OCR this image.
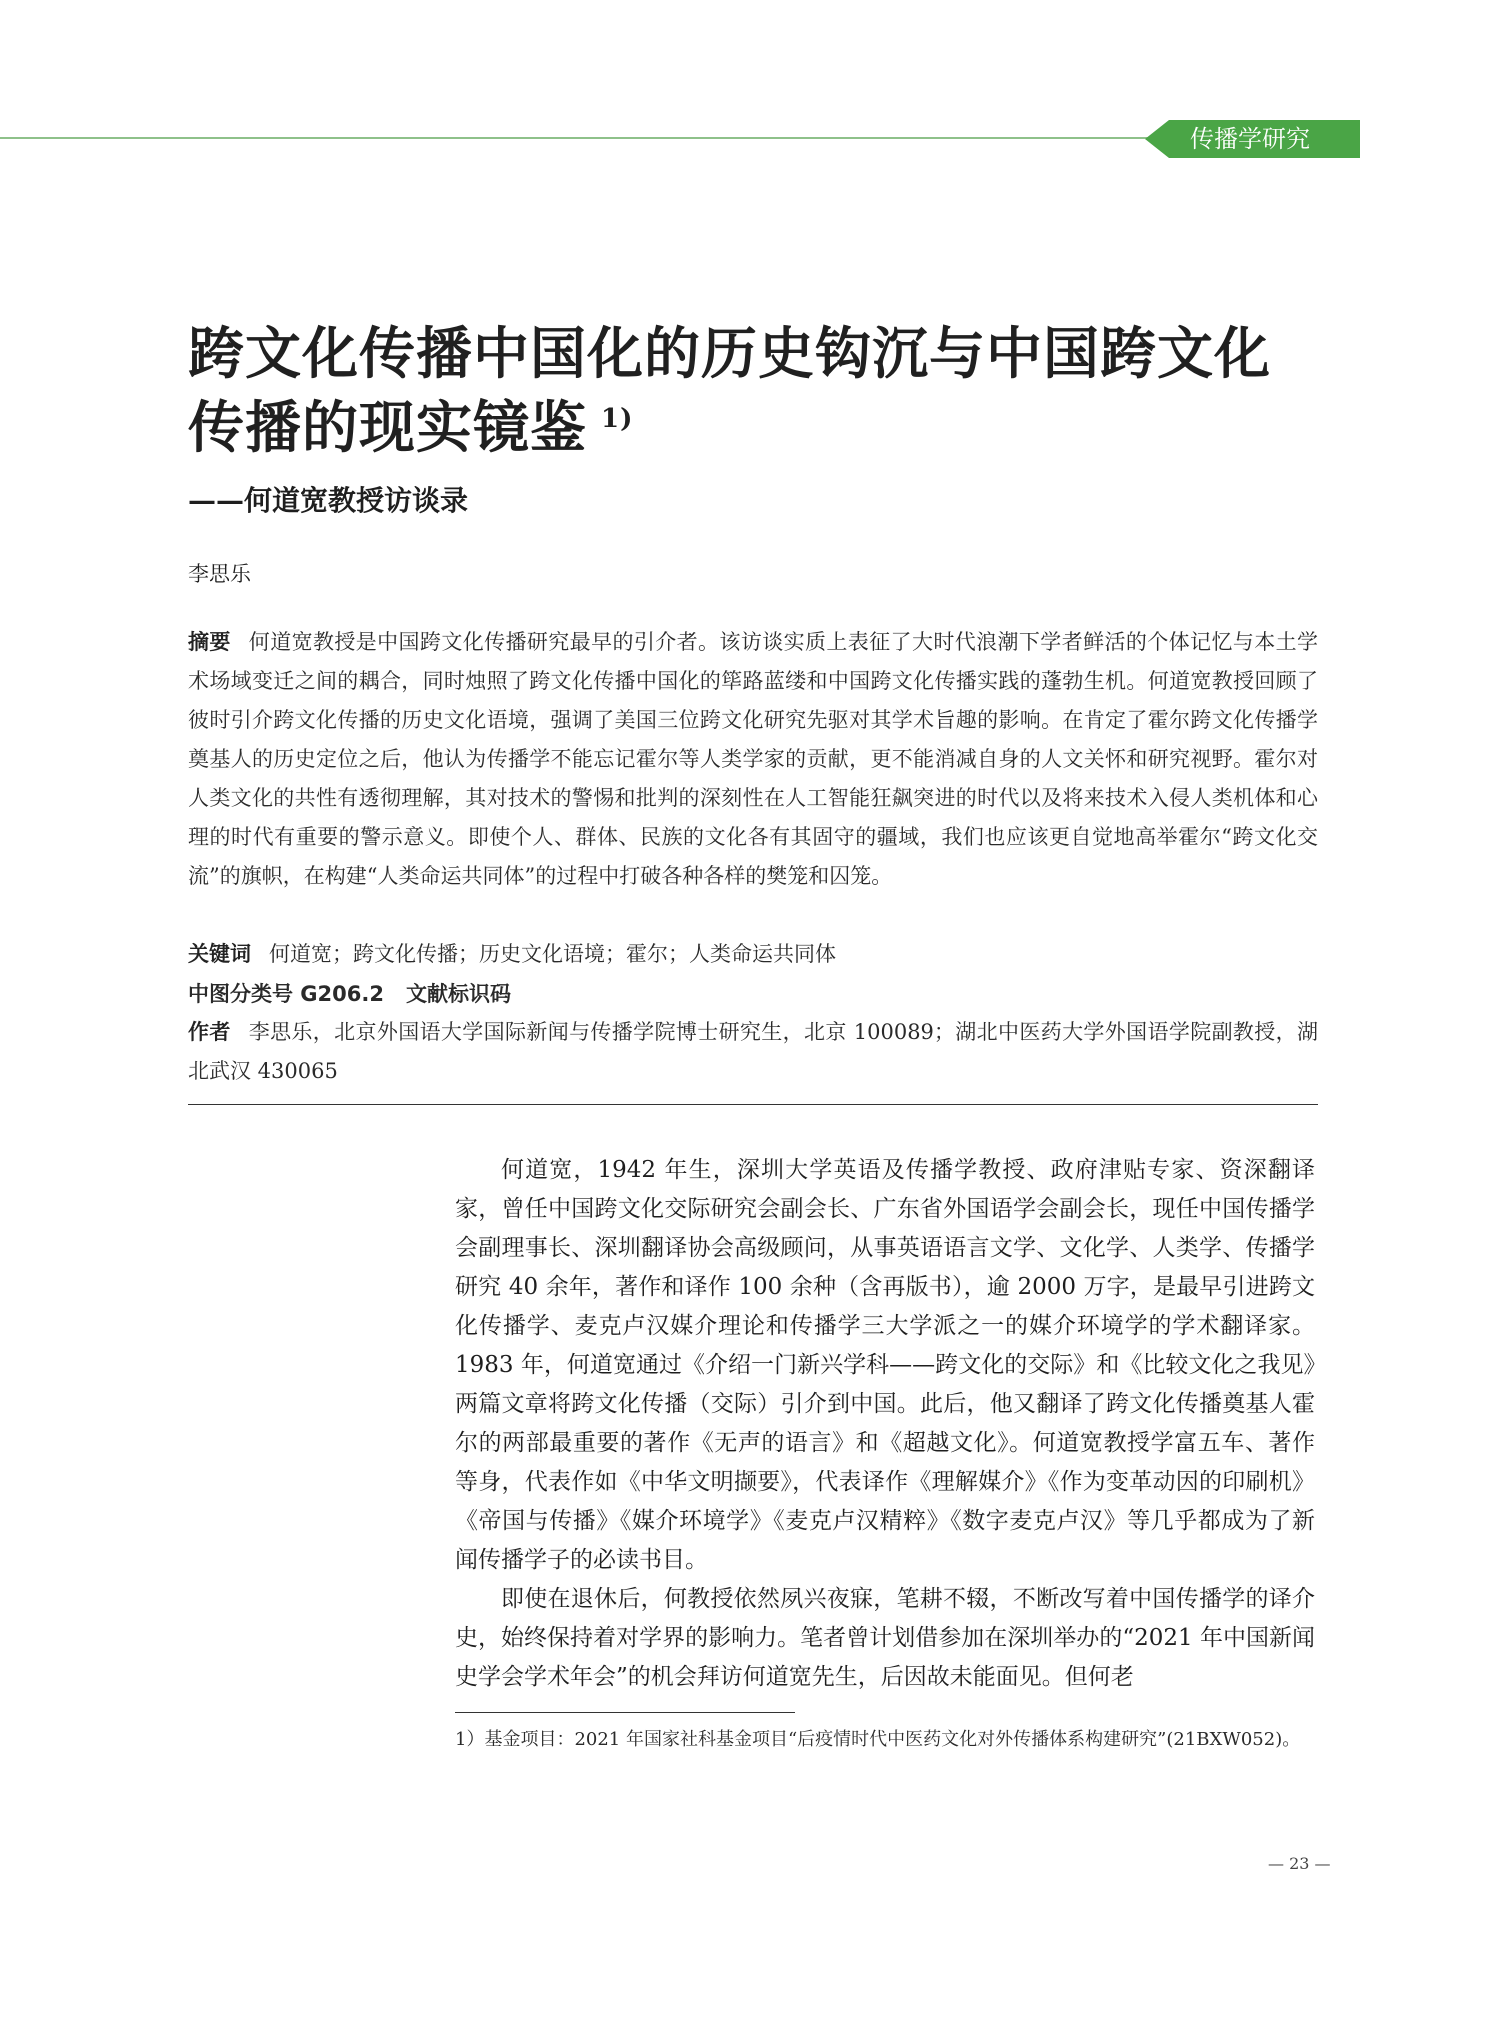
传播学研究
跨文化传播中国化的历史钩沉与中国跨文化
传播的现实镜鉴 $^{1)}$
——何道宽教授访谈录
李思乐

摘要 何道宽教授是中国跨文化传播研究最早的引介者。该访谈实质上表征了大时代浪潮下学者鲜活的个体记忆与本土学术场域变迁之间的耦合，同时烛照了跨文化传播中国化的筚路蓝缕和中国跨文化传播实践的蓬勃生机。何道宽教授回顾了彼时引介跨文化传播的历史文化语境，强调了美国三位跨文化研究先驱对其学术旨趣的影响。在肯定了霍尔跨文化传播学奠基人的历史定位之后，他认为传播学不能忘记霍尔等人类学家的贡献，更不能消减自身的人文关怀和研究视野。霍尔对人类文化的共性有透彻理解，其对技术的警惕和批判的深刻性在人工智能狂飙突进的时代以及将来技术入侵人类机体和心理的时代有重要的警示意义。即使个人、群体、民族的文化各有其固守的疆域，我们也应该更自觉地高举霍尔“跨文化交流”的旗帜，在构建“人类命运共同体”的过程中打破各种各样的樊笼和囚笼。

关键词 何道宽；跨文化传播；历史文化语境；霍尔；人类命运共同体

中图分类号 G206.2 文献标识码

作者 李思乐，北京外国语大学国际新闻与传播学院博士研究生，北京 100089；湖北中医药大学外国语学院副教授，湖北武汉 430065

何道宽，1942 年生，深圳大学英语及传播学教授、政府津贴专家、资深翻译家，曾任中国跨文化交际研究会副会长、广东省外国语学会副会长，现任中国传播学会副理事长、深圳翻译协会高级顾问，从事英语语言文学、文化学、人类学、传播学研究 40 余年，著作和译作 100 余种（含再版书），逾 2000 万字，是最早引进跨文化传播学、麦克卢汉媒介理论和传播学三大学派之一的媒介环境学的学术翻译家。1983 年，何道宽通过《介绍一门新兴学科——跨文化的交际》和《比较文化之我见》两篇文章将跨文化传播（交际）引介到中国。此后，他又翻译了跨文化传播奠基人霍尔的两部最重要的著作《无声的语言》和《超越文化》。何道宽教授学富五车、著作等身，代表作如《中华文明撷要》，代表译作《理解媒介》《作为变革动因的印刷机》《帝国与传播》《媒介环境学》《麦克卢汉精粹》《数字麦克卢汉》等几乎都成为了新闻传播学子的必读书目。

即使在退休后，何教授依然夙兴夜寐，笔耕不辍，不断改写着中国传播学的译介史，始终保持着对学界的影响力。笔者曾计划借参加在深圳举办的“2021 年中国新闻史学会学术年会”的机会拜访何道宽先生，后因故未能面见。但何老

1）基金项目：2021 年国家社科基金项目“后疫情时代中医药文化对外传播体系构建研究”(21BXW052)。
— 23 —
